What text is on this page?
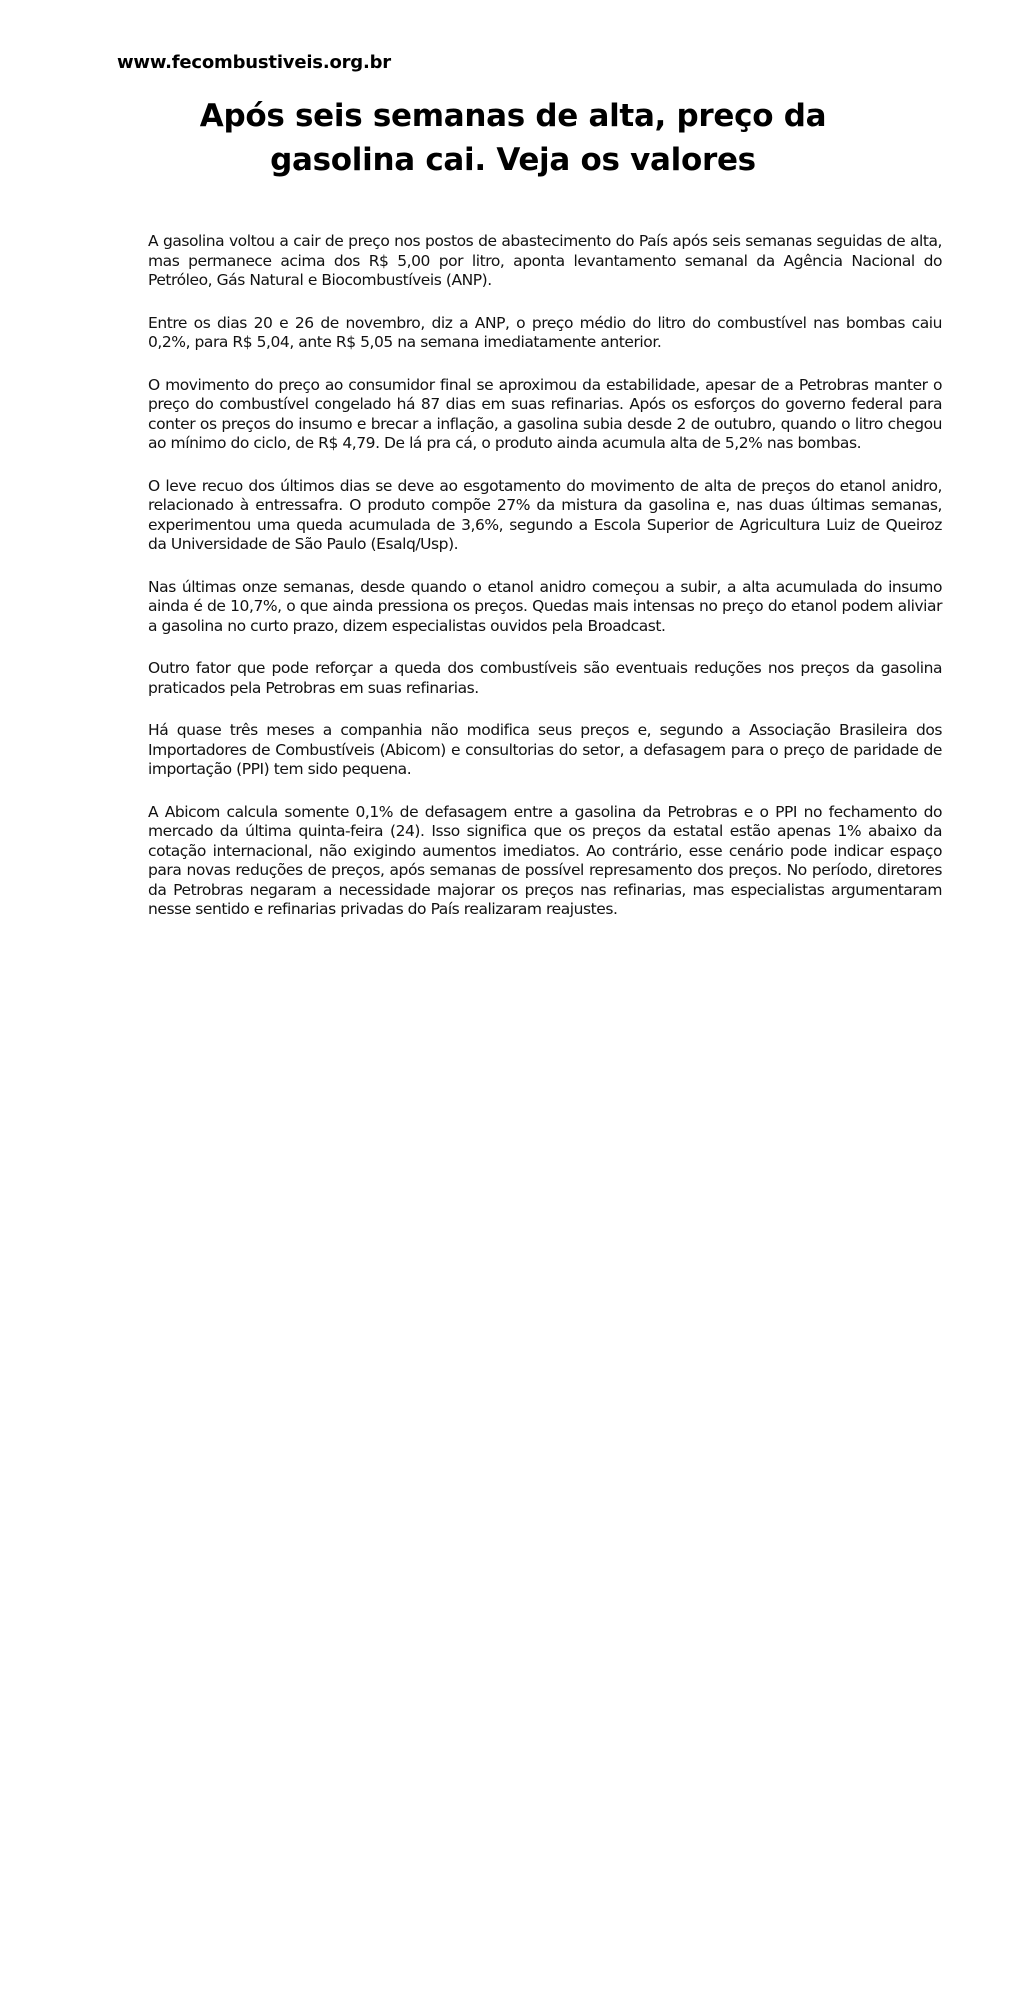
www.fecombustiveis.org.br
Após seis semanas de alta, preço da gasolina cai. Veja os valores

A gasolina voltou a cair de preço nos postos de abastecimento do País após seis semanas seguidas de alta, mas permanece acima dos R$ 5,00 por litro, aponta levantamento semanal da Agência Nacional do Petróleo, Gás Natural e Biocombustíveis (ANP).

Entre os dias 20 e 26 de novembro, diz a ANP, o preço médio do litro do combustível nas bombas caiu 0,2%, para R$ 5,04, ante R$ 5,05 na semana imediatamente anterior.

O movimento do preço ao consumidor final se aproximou da estabilidade, apesar de a Petrobras manter o preço do combustível congelado há 87 dias em suas refinarias. Após os esforços do governo federal para conter os preços do insumo e brecar a inflação, a gasolina subia desde 2 de outubro, quando o litro chegou ao mínimo do ciclo, de R$ 4,79. De lá pra cá, o produto ainda acumula alta de 5,2% nas bombas.

O leve recuo dos últimos dias se deve ao esgotamento do movimento de alta de preços do etanol anidro, relacionado à entressafra. O produto compõe 27% da mistura da gasolina e, nas duas últimas semanas, experimentou uma queda acumulada de 3,6%, segundo a Escola Superior de Agricultura Luiz de Queiroz da Universidade de São Paulo (Esalq/Usp).

Nas últimas onze semanas, desde quando o etanol anidro começou a subir, a alta acumulada do insumo ainda é de 10,7%, o que ainda pressiona os preços. Quedas mais intensas no preço do etanol podem aliviar a gasolina no curto prazo, dizem especialistas ouvidos pela Broadcast.

Outro fator que pode reforçar a queda dos combustíveis são eventuais reduções nos preços da gasolina praticados pela Petrobras em suas refinarias.

Há quase três meses a companhia não modifica seus preços e, segundo a Associação Brasileira dos Importadores de Combustíveis (Abicom) e consultorias do setor, a defasagem para o preço de paridade de importação (PPI) tem sido pequena.

A Abicom calcula somente 0,1% de defasagem entre a gasolina da Petrobras e o PPI no fechamento do mercado da última quinta-feira (24). Isso significa que os preços da estatal estão apenas 1% abaixo da cotação internacional, não exigindo aumentos imediatos. Ao contrário, esse cenário pode indicar espaço para novas reduções de preços, após semanas de possível represamento dos preços. No período, diretores da Petrobras negaram a necessidade majorar os preços nas refinarias, mas especialistas argumentaram nesse sentido e refinarias privadas do País realizaram reajustes.
